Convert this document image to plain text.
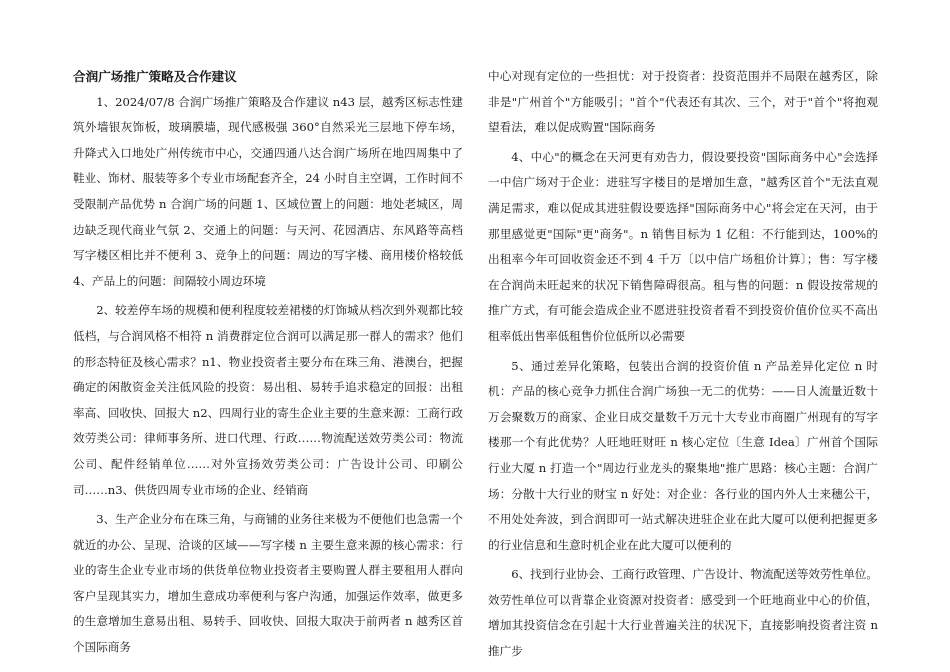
合润广场推广策略及合作建议

1、2024/07/8 合润广场推广策略及合作建议 n43 层，越秀区标志性建筑外墙银灰饰板，玻璃膜墙，现代感极强 360°自然采光三层地下停车场，升降式入口地处广州传统市中心，交通四通八达合润广场所在地四周集中了鞋业、饰材、服装等多个专业市场配套齐全，24 小时自主空调，工作时间不受限制产品优势 n 合润广场的问题 1、区域位置上的问题：地处老城区，周边缺乏现代商业气氛 2、交通上的问题：与天河、花园酒店、东风路等高档写字楼区相比并不便利 3、竞争上的问题：周边的写字楼、商用楼价格较低 4、产品上的问题：间隔较小周边环境

2、较差停车场的规模和便利程度较差裙楼的灯饰城从档次到外观都比较低档，与合润风格不相符 n 消费群定位合润可以满足那一群人的需求？他们的形态特征及核心需求？n1、物业投资者主要分布在珠三角、港澳台，把握确定的闲散资金关注低风险的投资：易出租、易转手追求稳定的回报：出租率高、回收快、回报大 n2、四周行业的寄生企业主要的生意来源：工商行政效劳类公司：律师事务所、进口代理、行政……物流配送效劳类公司：物流公司、配件经销单位……对外宣扬效劳类公司：广告设计公司、印刷公司……n3、供货四周专业市场的企业、经销商

3、生产企业分布在珠三角，与商铺的业务往来极为不便他们也急需一个就近的办公、呈现、洽谈的区域——写字楼 n 主要生意来源的核心需求：行业的寄生企业专业市场的供货单位物业投资者主要购置人群主要租用人群向客户呈现其实力，增加生意成功率便利与客户沟通，加强运作效率，做更多的生意增加生意易出租、易转手、回收快、回报大取决于前两者 n 越秀区首个国际商务

中心对现有定位的一些担忧：对于投资者：投资范围并不局限在越秀区，除非是"广州首个"方能吸引；"首个"代表还有其次、三个，对于"首个"将抱观望看法，难以促成购置"国际商务

4、中心"的概念在天河更有劝告力，假设要投资"国际商务中心"会选择一中信广场对于企业：进驻写字楼目的是增加生意，"越秀区首个"无法直观满足需求，难以促成其进驻假设要选择"国际商务中心"将会定在天河，由于那里感觉更"国际"更"商务"。n 销售目标为 1 亿租：不行能到达，100%的出租率今年可回收资金还不到 4 千万〔以中信广场租价计算〕；售：写字楼在合润尚未旺起来的状况下销售障碍很高。租与售的问题：n 假设按常规的推广方式，有可能会造成企业不愿进驻投资者看不到投资价值价位买不高出租率低出售率低租售价位低所以必需要

5、通过差异化策略，包装出合润的投资价值 n 产品差异化定位 n 时机：产品的核心竞争力抓住合润广场独一无二的优势：——日人流量近数十万会聚数万的商家、企业日成交量数千万元十大专业市商圈广州现有的写字楼那一个有此优势？人旺地旺财旺 n 核心定位〔生意 Idea〕广州首个国际行业大厦 n 打造一个"周边行业龙头的聚集地"推广思路：核心主题：合润广场：分散十大行业的财宝 n 好处：对企业：各行业的国内外人士来穗公干，不用处处奔波，到合润即可一站式解决进驻企业在此大厦可以便利把握更多的行业信息和生意时机企业在此大厦可以便利的

6、找到行业协会、工商行政管理、广告设计、物流配送等效劳性单位。效劳性单位可以背靠企业资源对投资者：感受到一个旺地商业中心的价值，增加其投资信念在引起十大行业普遍关注的状况下，直接影响投资者注资 n 推广步
